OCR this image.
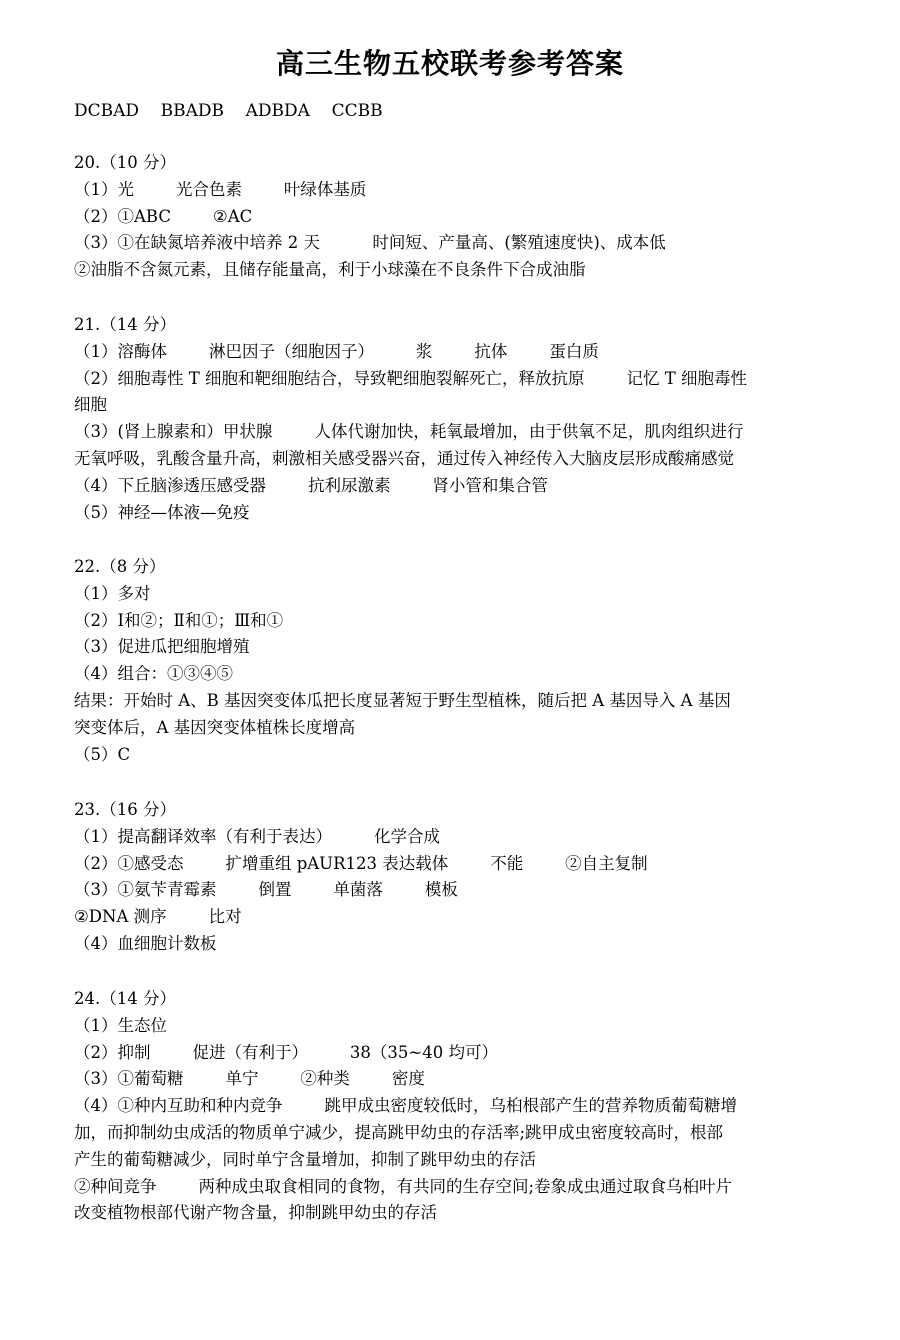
高三生物五校联考参考答案
DCBAD    BBADB    ADBDA    CCBB
20.（10 分）
（1）光        光合色素        叶绿体基质
（2）①ABC        ②AC
（3）①在缺氮培养液中培养 2 天          时间短、产量高、(繁殖速度快)、成本低
②油脂不含氮元素，且储存能量高，利于小球藻在不良条件下合成油脂
21.（14 分）
（1）溶酶体        淋巴因子（细胞因子）        浆        抗体        蛋白质
（2）细胞毒性 T 细胞和靶细胞结合，导致靶细胞裂解死亡，释放抗原        记忆 T 细胞毒性
细胞
（3）(肾上腺素和）甲状腺        人体代谢加快，耗氧最增加，由于供氧不足，肌肉组织进行
无氧呼吸，乳酸含量升高，刺激相关感受器兴奋，通过传入神经传入大脑皮层形成酸痛感觉
（4）下丘脑渗透压感受器        抗利尿激素        肾小管和集合管
（5）神经—体液—免疫
22.（8 分）
（1）多对
（2）Ⅰ和②；Ⅱ和①；Ⅲ和①
（3）促进瓜把细胞增殖
（4）组合：①③④⑤
结果：开始时 A、B 基因突变体瓜把长度显著短于野生型植株，随后把 A 基因导入 A 基因
突变体后，A 基因突变体植株长度增高
（5）C
23.（16 分）
（1）提高翻译效率（有利于表达）        化学合成
（2）①感受态        扩增重组 pAUR123 表达载体        不能        ②自主复制
（3）①氨苄青霉素        倒置        单菌落        模板
②DNA 测序        比对
（4）血细胞计数板
24.（14 分）
（1）生态位
（2）抑制        促进（有利于）        38（35~40 均可）
（3）①葡萄糖        单宁        ②种类        密度
（4）①种内互助和种内竞争        跳甲成虫密度较低时，乌桕根部产生的营养物质葡萄糖增
加，而抑制幼虫成活的物质单宁减少，提高跳甲幼虫的存活率;跳甲成虫密度较高时，根部
产生的葡萄糖减少，同时单宁含量增加，抑制了跳甲幼虫的存活
②种间竞争        两种成虫取食相同的食物，有共同的生存空间;卷象成虫通过取食乌桕叶片
改变植物根部代谢产物含量，抑制跳甲幼虫的存活
